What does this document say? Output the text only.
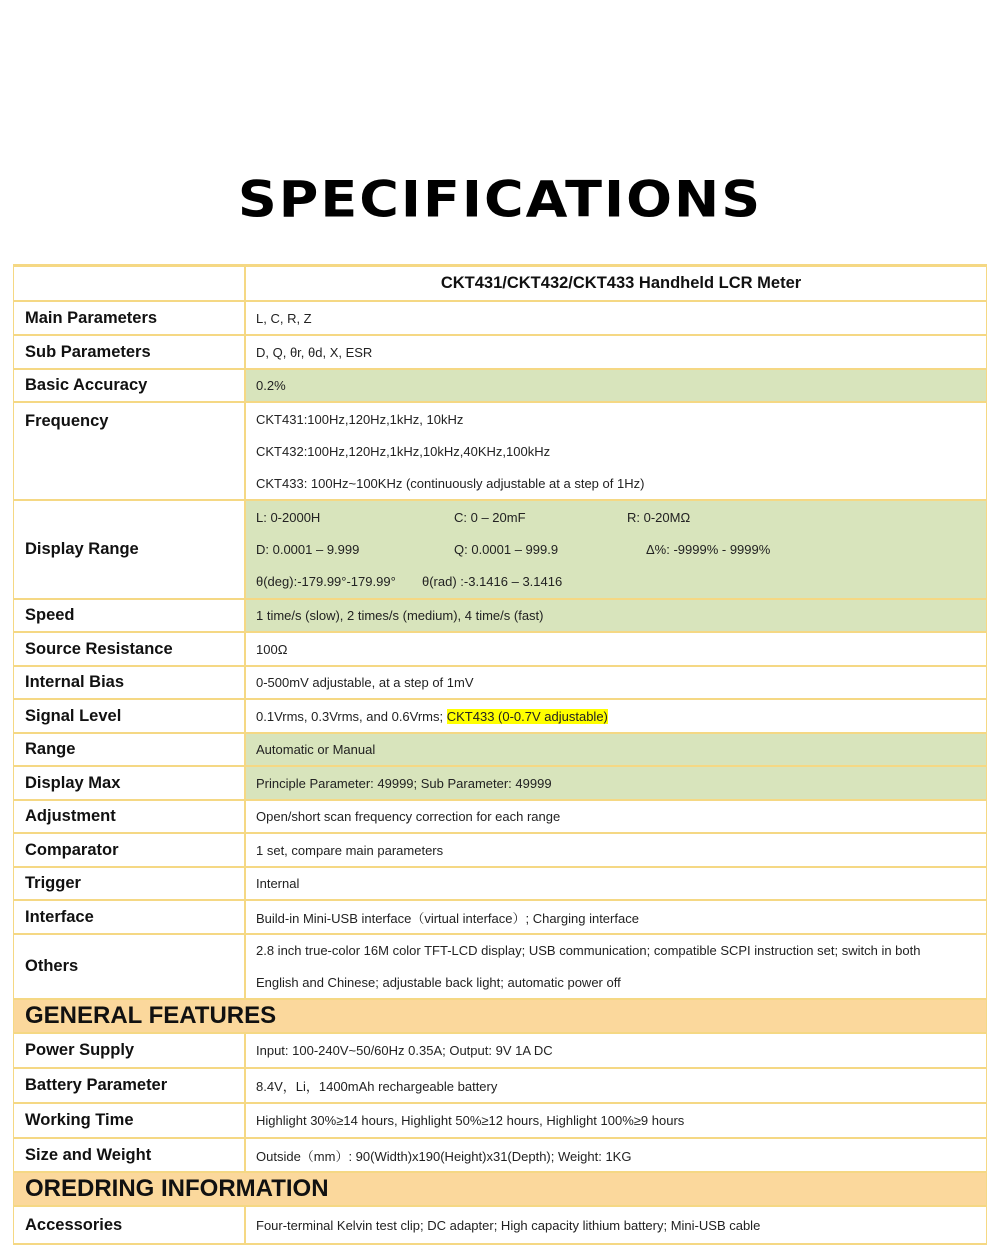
SPECIFICATIONS
CKT431/CKT432/CKT433 Handheld LCR Meter
Main Parameters	L, C, R, Z
Sub Parameters	D, Q, θr, θd, X, ESR
Basic Accuracy	0.2%
Frequency	CKT431:100Hz,120Hz,1kHz, 10kHz
CKT432:100Hz,120Hz,1kHz,10kHz,40KHz,100kHz
CKT433: 100Hz~100KHz (continuously adjustable at a step of 1Hz)
Display Range
L: 0-2000H	C: 0 – 20mF	R: 0-20MΩ
D: 0.0001 – 9.999	Q: 0.0001 – 999.9	Δ%: -9999% - 9999%
θ(deg):-179.99°-179.99°	θ(rad) :-3.1416 – 3.1416
Speed	1 time/s (slow), 2 times/s (medium), 4 time/s (fast)
Source Resistance	100Ω
Internal Bias	0-500mV adjustable, at a step of 1mV
Signal Level	0.1Vrms, 0.3Vrms, and 0.6Vrms; CKT433 (0-0.7V adjustable)
Range	Automatic or Manual
Display Max	Principle Parameter: 49999; Sub Parameter: 49999
Adjustment	Open/short scan frequency correction for each range
Comparator	1 set, compare main parameters
Trigger	Internal
Interface	Build-in Mini-USB interface（virtual interface）; Charging interface
Others
2.8 inch true-color 16M color TFT-LCD display; USB communication; compatible SCPI instruction set; switch in both
English and Chinese; adjustable back light; automatic power off
GENERAL FEATURES
Power Supply	Input: 100-240V~50/60Hz 0.35A; Output: 9V 1A DC
Battery Parameter	8.4V，Li，1400mAh rechargeable battery
Working Time	Highlight 30%≥14 hours, Highlight 50%≥12 hours, Highlight 100%≥9 hours
Size and Weight	Outside（mm）: 90(Width)x190(Height)x31(Depth); Weight: 1KG
OREDRING INFORMATION
Accessories	Four-terminal Kelvin test clip; DC adapter; High capacity lithium battery; Mini-USB cable
